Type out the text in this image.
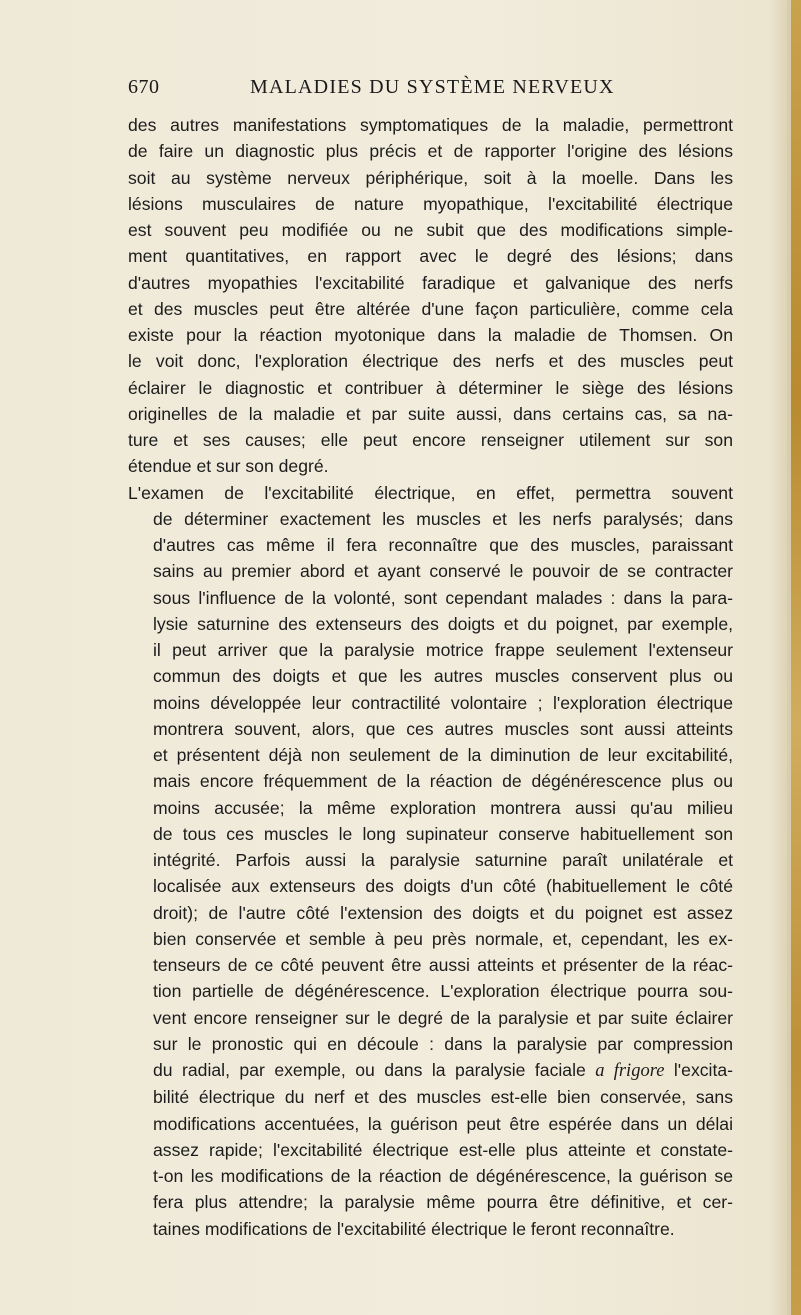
670	MALADIES DU SYSTÈME NERVEUX

des autres manifestations symptomatiques de la maladie, permettront
de faire un diagnostic plus précis et de rapporter l'origine des lésions
soit au système nerveux périphérique, soit à la moelle. Dans les
lésions musculaires de nature myopathique, l'excitabilité électrique
est souvent peu modifiée ou ne subit que des modifications simple-
ment quantitatives, en rapport avec le degré des lésions; dans
d'autres myopathies l'excitabilité faradique et galvanique des nerfs
et des muscles peut être altérée d'une façon particulière, comme cela
existe pour la réaction myotonique dans la maladie de Thomsen. On
le voit donc, l'exploration électrique des nerfs et des muscles peut
éclairer le diagnostic et contribuer à déterminer le siège des lésions
originelles de la maladie et par suite aussi, dans certains cas, sa na-
ture et ses causes; elle peut encore renseigner utilement sur son
étendue et sur son degré.

L'examen de l'excitabilité électrique, en effet, permettra souvent
de déterminer exactement les muscles et les nerfs paralysés; dans
d'autres cas même il fera reconnaître que des muscles, paraissant
sains au premier abord et ayant conservé le pouvoir de se contracter
sous l'influence de la volonté, sont cependant malades : dans la para-
lysie saturnine des extenseurs des doigts et du poignet, par exemple,
il peut arriver que la paralysie motrice frappe seulement l'extenseur
commun des doigts et que les autres muscles conservent plus ou
moins développée leur contractilité volontaire ; l'exploration électrique
montrera souvent, alors, que ces autres muscles sont aussi atteints
et présentent déjà non seulement de la diminution de leur excitabilité,
mais encore fréquemment de la réaction de dégénérescence plus ou
moins accusée; la même exploration montrera aussi qu'au milieu
de tous ces muscles le long supinateur conserve habituellement son
intégrité. Parfois aussi la paralysie saturnine paraît unilatérale et
localisée aux extenseurs des doigts d'un côté (habituellement le côté
droit); de l'autre côté l'extension des doigts et du poignet est assez
bien conservée et semble à peu près normale, et, cependant, les ex-
tenseurs de ce côté peuvent être aussi atteints et présenter de la réac-
tion partielle de dégénérescence. L'exploration électrique pourra sou-
vent encore renseigner sur le degré de la paralysie et par suite éclairer
sur le pronostic qui en découle : dans la paralysie par compression
du radial, par exemple, ou dans la paralysie faciale a frigore l'excita-
bilité électrique du nerf et des muscles est-elle bien conservée, sans
modifications accentuées, la guérison peut être espérée dans un délai
assez rapide; l'excitabilité électrique est-elle plus atteinte et constate-
t-on les modifications de la réaction de dégénérescence, la guérison se
fera plus attendre; la paralysie même pourra être définitive, et cer-
taines modifications de l'excitabilité électrique le feront reconnaître.
